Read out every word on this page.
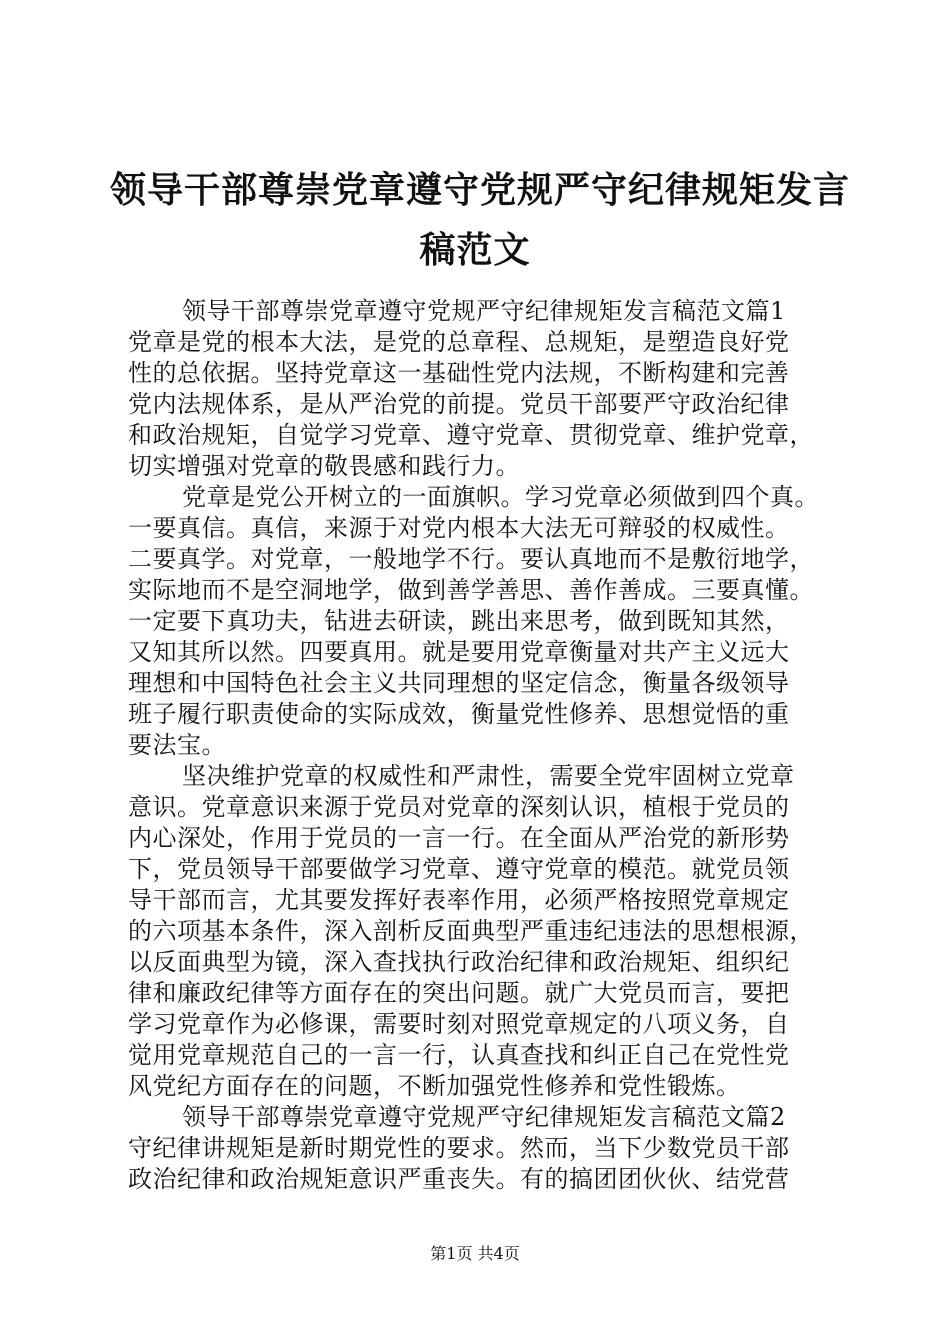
领导干部尊崇党章遵守党规严守纪律规矩发言
稿范文
领导干部尊崇党章遵守党规严守纪律规矩发言稿范文篇1
党章是党的根本大法，是党的总章程、总规矩，是塑造良好党
性的总依据。坚持党章这一基础性党内法规，不断构建和完善
党内法规体系，是从严治党的前提。党员干部要严守政治纪律
和政治规矩，自觉学习党章、遵守党章、贯彻党章、维护党章，
切实增强对党章的敬畏感和践行力。
党章是党公开树立的一面旗帜。学习党章必须做到四个真。
一要真信。真信，来源于对党内根本大法无可辩驳的权威性。
二要真学。对党章，一般地学不行。要认真地而不是敷衍地学，
实际地而不是空洞地学，做到善学善思、善作善成。三要真懂。
一定要下真功夫，钻进去研读，跳出来思考，做到既知其然，
又知其所以然。四要真用。就是要用党章衡量对共产主义远大
理想和中国特色社会主义共同理想的坚定信念，衡量各级领导
班子履行职责使命的实际成效，衡量党性修养、思想觉悟的重
要法宝。
坚决维护党章的权威性和严肃性，需要全党牢固树立党章
意识。党章意识来源于党员对党章的深刻认识，植根于党员的
内心深处，作用于党员的一言一行。在全面从严治党的新形势
下，党员领导干部要做学习党章、遵守党章的模范。就党员领
导干部而言，尤其要发挥好表率作用，必须严格按照党章规定
的六项基本条件，深入剖析反面典型严重违纪违法的思想根源，
以反面典型为镜，深入查找执行政治纪律和政治规矩、组织纪
律和廉政纪律等方面存在的突出问题。就广大党员而言，要把
学习党章作为必修课，需要时刻对照党章规定的八项义务，自
觉用党章规范自己的一言一行，认真查找和纠正自己在党性党
风党纪方面存在的问题，不断加强党性修养和党性锻炼。
领导干部尊崇党章遵守党规严守纪律规矩发言稿范文篇2
守纪律讲规矩是新时期党性的要求。然而，当下少数党员干部
政治纪律和政治规矩意识严重丧失。有的搞团团伙伙、结党营
第1页 共4页
